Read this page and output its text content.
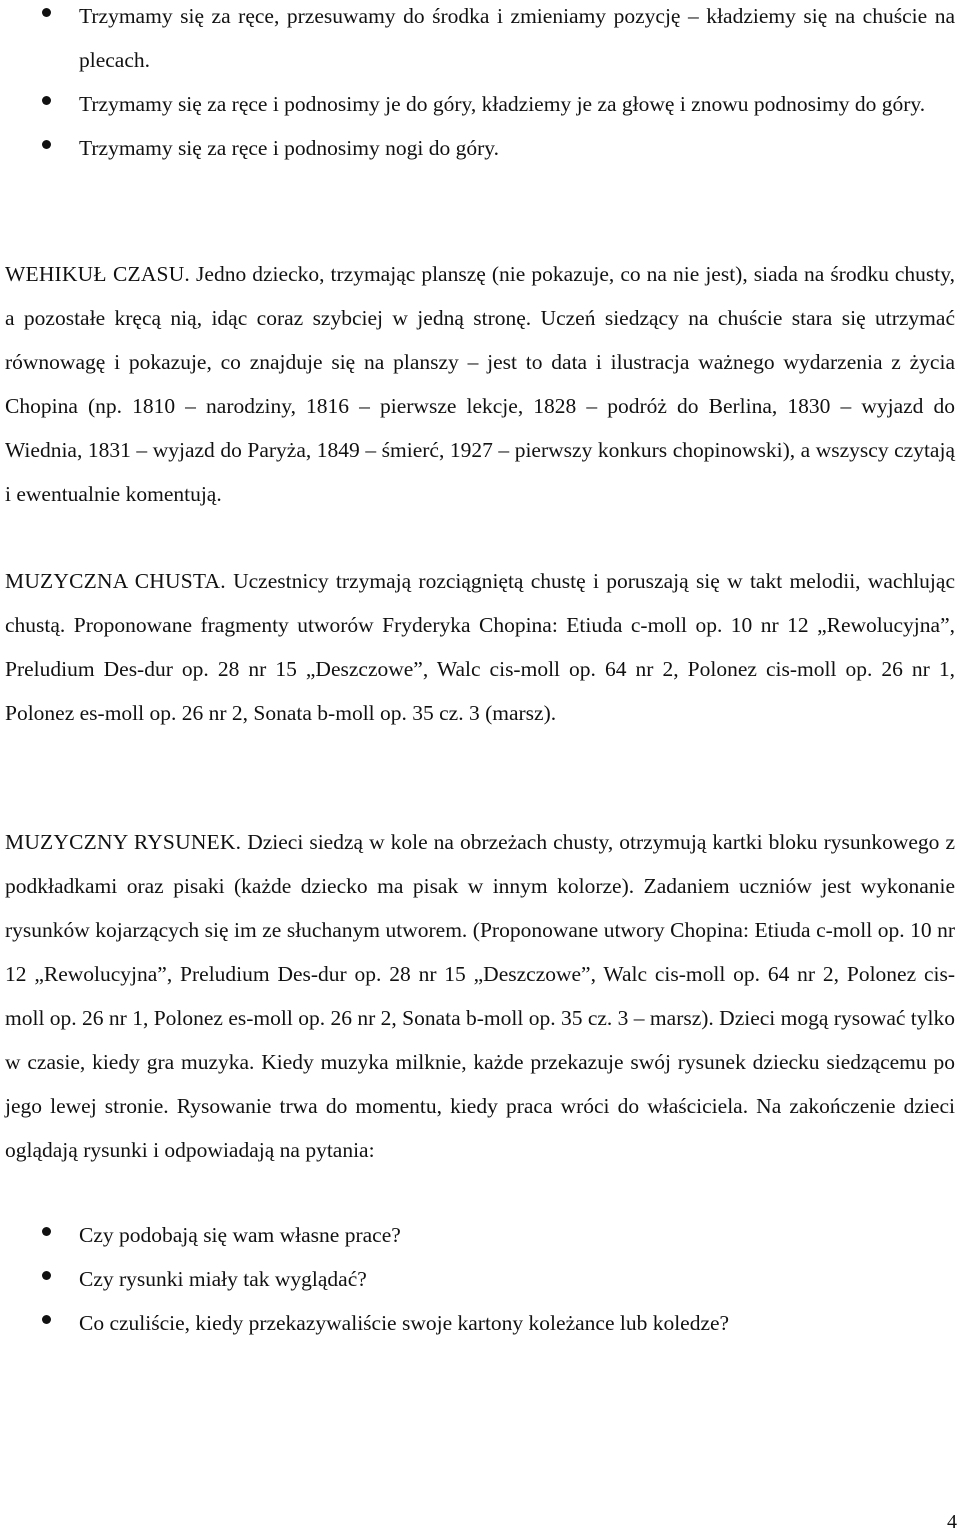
Trzymamy się za ręce, przesuwamy do środka i zmieniamy pozycję – kładziemy się na chuście na plecach.
Trzymamy się za ręce i podnosimy je do góry, kładziemy je za głowę i znowu podnosimy do góry.
Trzymamy się za ręce i podnosimy nogi do góry.
WEHIKUŁ CZASU. Jedno dziecko, trzymając planszę (nie pokazuje, co na nie jest), siada na środku chusty, a pozostałe kręcą nią, idąc coraz szybciej w jedną stronę. Uczeń siedzący na chuście stara się utrzymać równowagę i pokazuje, co znajduje się na planszy – jest to data i ilustracja ważnego wydarzenia z życia Chopina (np. 1810 – narodziny, 1816 – pierwsze lekcje, 1828 – podróż do Berlina, 1830 – wyjazd do Wiednia, 1831 – wyjazd do Paryża, 1849 – śmierć, 1927 – pierwszy konkurs chopinowski), a wszyscy czytają i ewentualnie komentują.
MUZYCZNA CHUSTA. Uczestnicy trzymają rozciągniętą chustę i poruszają się w takt melodii, wachlując chustą. Proponowane fragmenty utworów Fryderyka Chopina: Etiuda c-moll op. 10 nr 12 „Rewolucyjna”, Preludium Des-dur op. 28 nr 15 „Deszczowe”, Walc cis-moll op. 64 nr 2, Polonez cis-moll op. 26 nr 1, Polonez es-moll op. 26 nr 2, Sonata b-moll op. 35 cz. 3 (marsz).
MUZYCZNY RYSUNEK. Dzieci siedzą w kole na obrzeżach chusty, otrzymują kartki bloku rysunkowego z podkładkami oraz pisaki (każde dziecko ma pisak w innym kolorze). Zadaniem uczniów jest wykonanie rysunków kojarzących się im ze słuchanym utworem. (Proponowane utwory Chopina: Etiuda c-moll op. 10 nr 12 „Rewolucyjna”, Preludium Des-dur op. 28 nr 15 „Deszczowe”, Walc cis-moll op. 64 nr 2, Polonez cis-moll op. 26 nr 1, Polonez es-moll op. 26 nr 2, Sonata b-moll op. 35 cz. 3 – marsz). Dzieci mogą rysować tylko w czasie, kiedy gra muzyka. Kiedy muzyka milknie, każde przekazuje swój rysunek dziecku siedzącemu po jego lewej stronie. Rysowanie trwa do momentu, kiedy praca wróci do właściciela. Na zakończenie dzieci oglądają rysunki i odpowiadają na pytania:
Czy podobają się wam własne prace?
Czy rysunki miały tak wyglądać?
Co czuliście, kiedy przekazywaliście swoje kartony koleżance lub koledze?
4
